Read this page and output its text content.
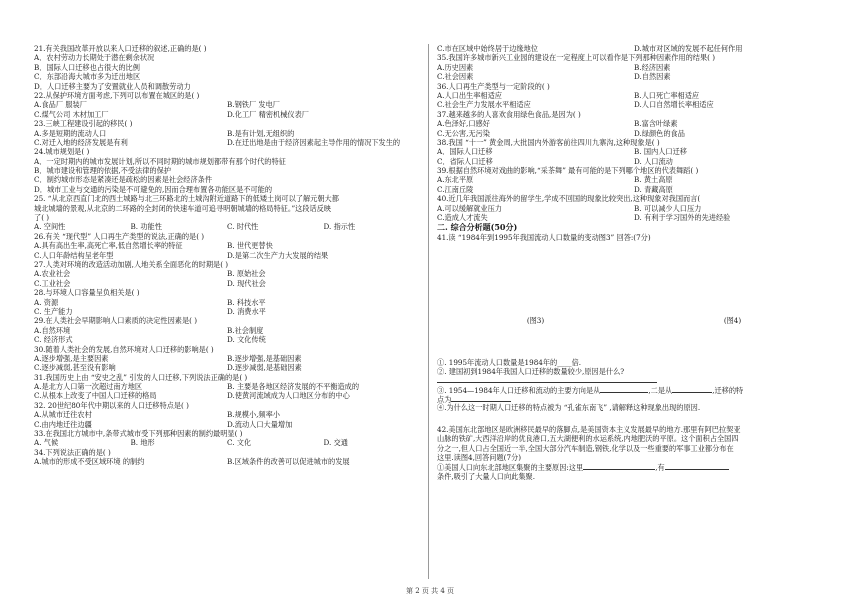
21.有关我国改革开放以来人口迁移的叙述,正确的是( )
A．农村劳动力长期处于潜在剩余状况
B．国际人口迁移也占很大的比例
C．东部沿海大城市多为迁出地区
D．人口迁移主要为了安置就业人员和调散劳动力
22.从保护环境方面考虑,下列可以布置在城区的是( )
A.食品厂 服装厂	B.钢铁厂 发电厂
C.煤气公司 木材加工厂	D.化工厂 精密机械仪表厂
23.三峡工程建设引起的移民( )
A.多是短期的流动人口	B.是有计划,无组织的
C.对迁入地的经济发展是有利	D.在迁出地是由于经济因素起主导作用的情况下发生的
24.城市规划是( )
A．一定时期内的城市发展计划,所以不同时期的城市规划都带有那个时代的特征
B．城市建设和管理的依据,不受法律的保护
C．制约城市形态是紧凑还是疏松的因素是社会经济条件
D．城市工业与交通的污染是不可避免的,因而合理布置各功能区是不可能的
25. “从北京西直门北的西土城路与北三环路北的土城沟附近道路下的低矮土岗可以了解元朝大都
城北城墙的景观,从北京的二环路的全封闭的快速车道可追寻明朝城墙的格局特征。”这段话反映
了( )
A. 空间性	B. 功能性	C. 时代性	D. 指示性
26.有关 “现代型” 人口再生产类型的说法,正确的是( )
A.具有高出生率,高死亡率,低自然增长率的特征	B. 世代更替快
C.人口年龄结构呈老年型	D.是第二次生产力大发展的结果
27.人类对环境的改造活动加剧,人地关系全面恶化的时期是( )
A.农业社会	B. 原始社会
C.工业社会	D. 现代社会
28.与环境人口容量呈负相关是( )
A. 资源	B. 科技水平
C. 生产能力	D. 消费水平
29.在人类社会早期影响人口素质的决定性因素是( )
A.自然环境	B.社会制度
C. 经济形式	D. 文化传统
30.随着人类社会的发展,自然环境对人口迁移的影响是( )
A.逐步增强,是主要因素	B.逐步增强,是基础因素
C.逐步减弱,甚至没有影响	D.逐步减弱,是基础因素
31.我国历史上由 “安史之乱” 引发的人口迁移,下列说法正确的是( )
A.是北方人口第一次超过南方地区	B. 主要是各地区经济发展的不平衡造成的
C.从根本上改变了中国人口迁移的格局	D.使黄河流域成为人口地区分布的中心
32. 20世纪80年代中期以来的人口迁移特点是( )
A.从城市迁往农村	B.规模小,频率小
C.由内地迁往边疆	D.流动人口大量增加
33.在我国北方城市中,条带式城市受下列那种因素的制约最明显( )
A. 气候	B. 地形	C. 文化	D. 交通
34.下列说法正确的是( )
A.城市的形成不受区域环境 的制约	B.区域条件的改善可以促进城市的发展
C.市在区域中始终居于边缘地位	D.城市对区域的发展不起任何作用
35.我国许多城市新兴工业园的建设在一定程度上可以看作是下列那种因素作用的结果( )
A.历史因素	B.经济因素
C.社会因素	D.自然因素
36.人口再生产类型与一定阶段的( )
A.人口出生率相适应	B.人口死亡率相适应
C.社会生产力发展水平相适应	D.人口自然增长率相适应
37.越来越多的人喜欢食用绿色食品,是因为( )
A.色泽好,口感好	B.富含叶绿素
C.无公害,无污染	D.绿颜色的食品
38.我国 “十一” 黄金周,大批国内外游客前往四川九寨沟,这种现象是( )
A．国际人口迁移	B. 国内人口迁移
C．省际人口迁移	D. 人口流动
39.根据自然环境对戏曲的影响,“采茶舞” 最有可能的是下列哪个地区的代表舞蹈( )
A.东北平原	B. 黄土高原
C.江南丘陵	D. 青藏高原
40.近几年我国派往海外的留学生,学成不回国的现象比较突出,这种现象对我国而言(
A.可以缓解就业压力	B. 可以减少人口压力
C.造成人才流失	D. 有利于学习国外的先进经验
二. 综合分析题(50分)
41.读 “1984年到1995年我国流动人口数量的变动图3” 回答:(7分)
(图3)	(图4)
①. 1995年流动人口数量是1984年的____倍.
②. 建国初到1984年我国人口迁移的数量较少,原因是什么?
③. 1954—1984年人口迁移和流动的主要方向是从	,二是从	,迁移的特
点为
④.为什么这一时期人口迁移的特点被为 “孔雀东南飞” ,请解释这种现象出现的原因.
42.美国东北部地区是欧洲移民最早的落脚点,是美国资本主义发展最早的地方.那里有阿巴拉契亚
山脉的铁矿,大西洋沿岸的优良港口,五大湖便利的水运系统,内地肥沃的平原。这个面积占全国四
分之一,但人口占全国近一半,全国大部分汽车制造,钢铁,化学以及一些重要的军事工业都分布在
这里.读图4,回答问题(7分)
①美国人口向东北部地区集聚的主要原因:这里	,有
条件,吸引了大量人口向此集聚.
第 2 页 共 4 页
